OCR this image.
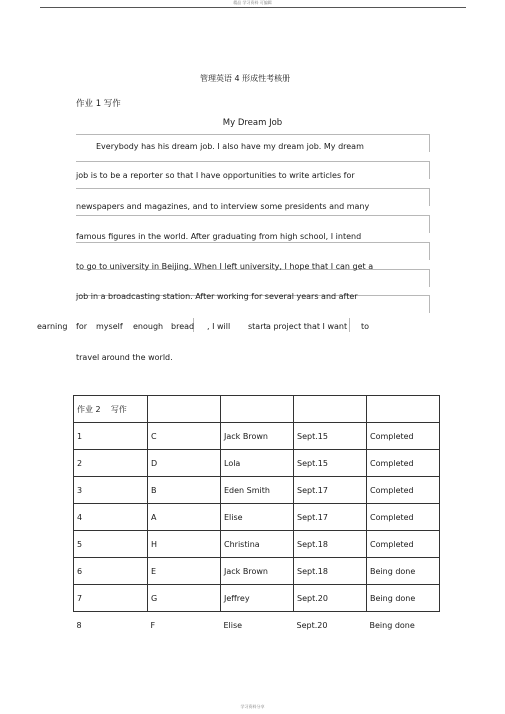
精品 学习资料 可编辑
管理英语 4 形成性考核册
作业 1 写作
My Dream Job
Everybody has his dream job. I also have my dream job. My dream
job is to be a reporter so that I have opportunities to write articles for
newspapers and magazines, and to interview some presidents and many
famous figures in the world. After graduating from high school, I intend
to go to university in Beijing. When I left university, I hope that I can get a
job in a broadcasting station. After working for several years and after
earning for myself enough bread , I will start a project that I want to
travel around the world.
作业 2 写作				
1	C	Jack Brown	Sept.15	Completed
2	D	Lola	Sept.15	Completed
3	B	Eden Smith	Sept.17	Completed
4	A	Elise	Sept.17	Completed
5	H	Christina	Sept.18	Completed
6	E	Jack Brown	Sept.18	Being done
7	G	Jeffrey	Sept.20	Being done
8	F	Elise	Sept.20	Being done
学习资料分享
